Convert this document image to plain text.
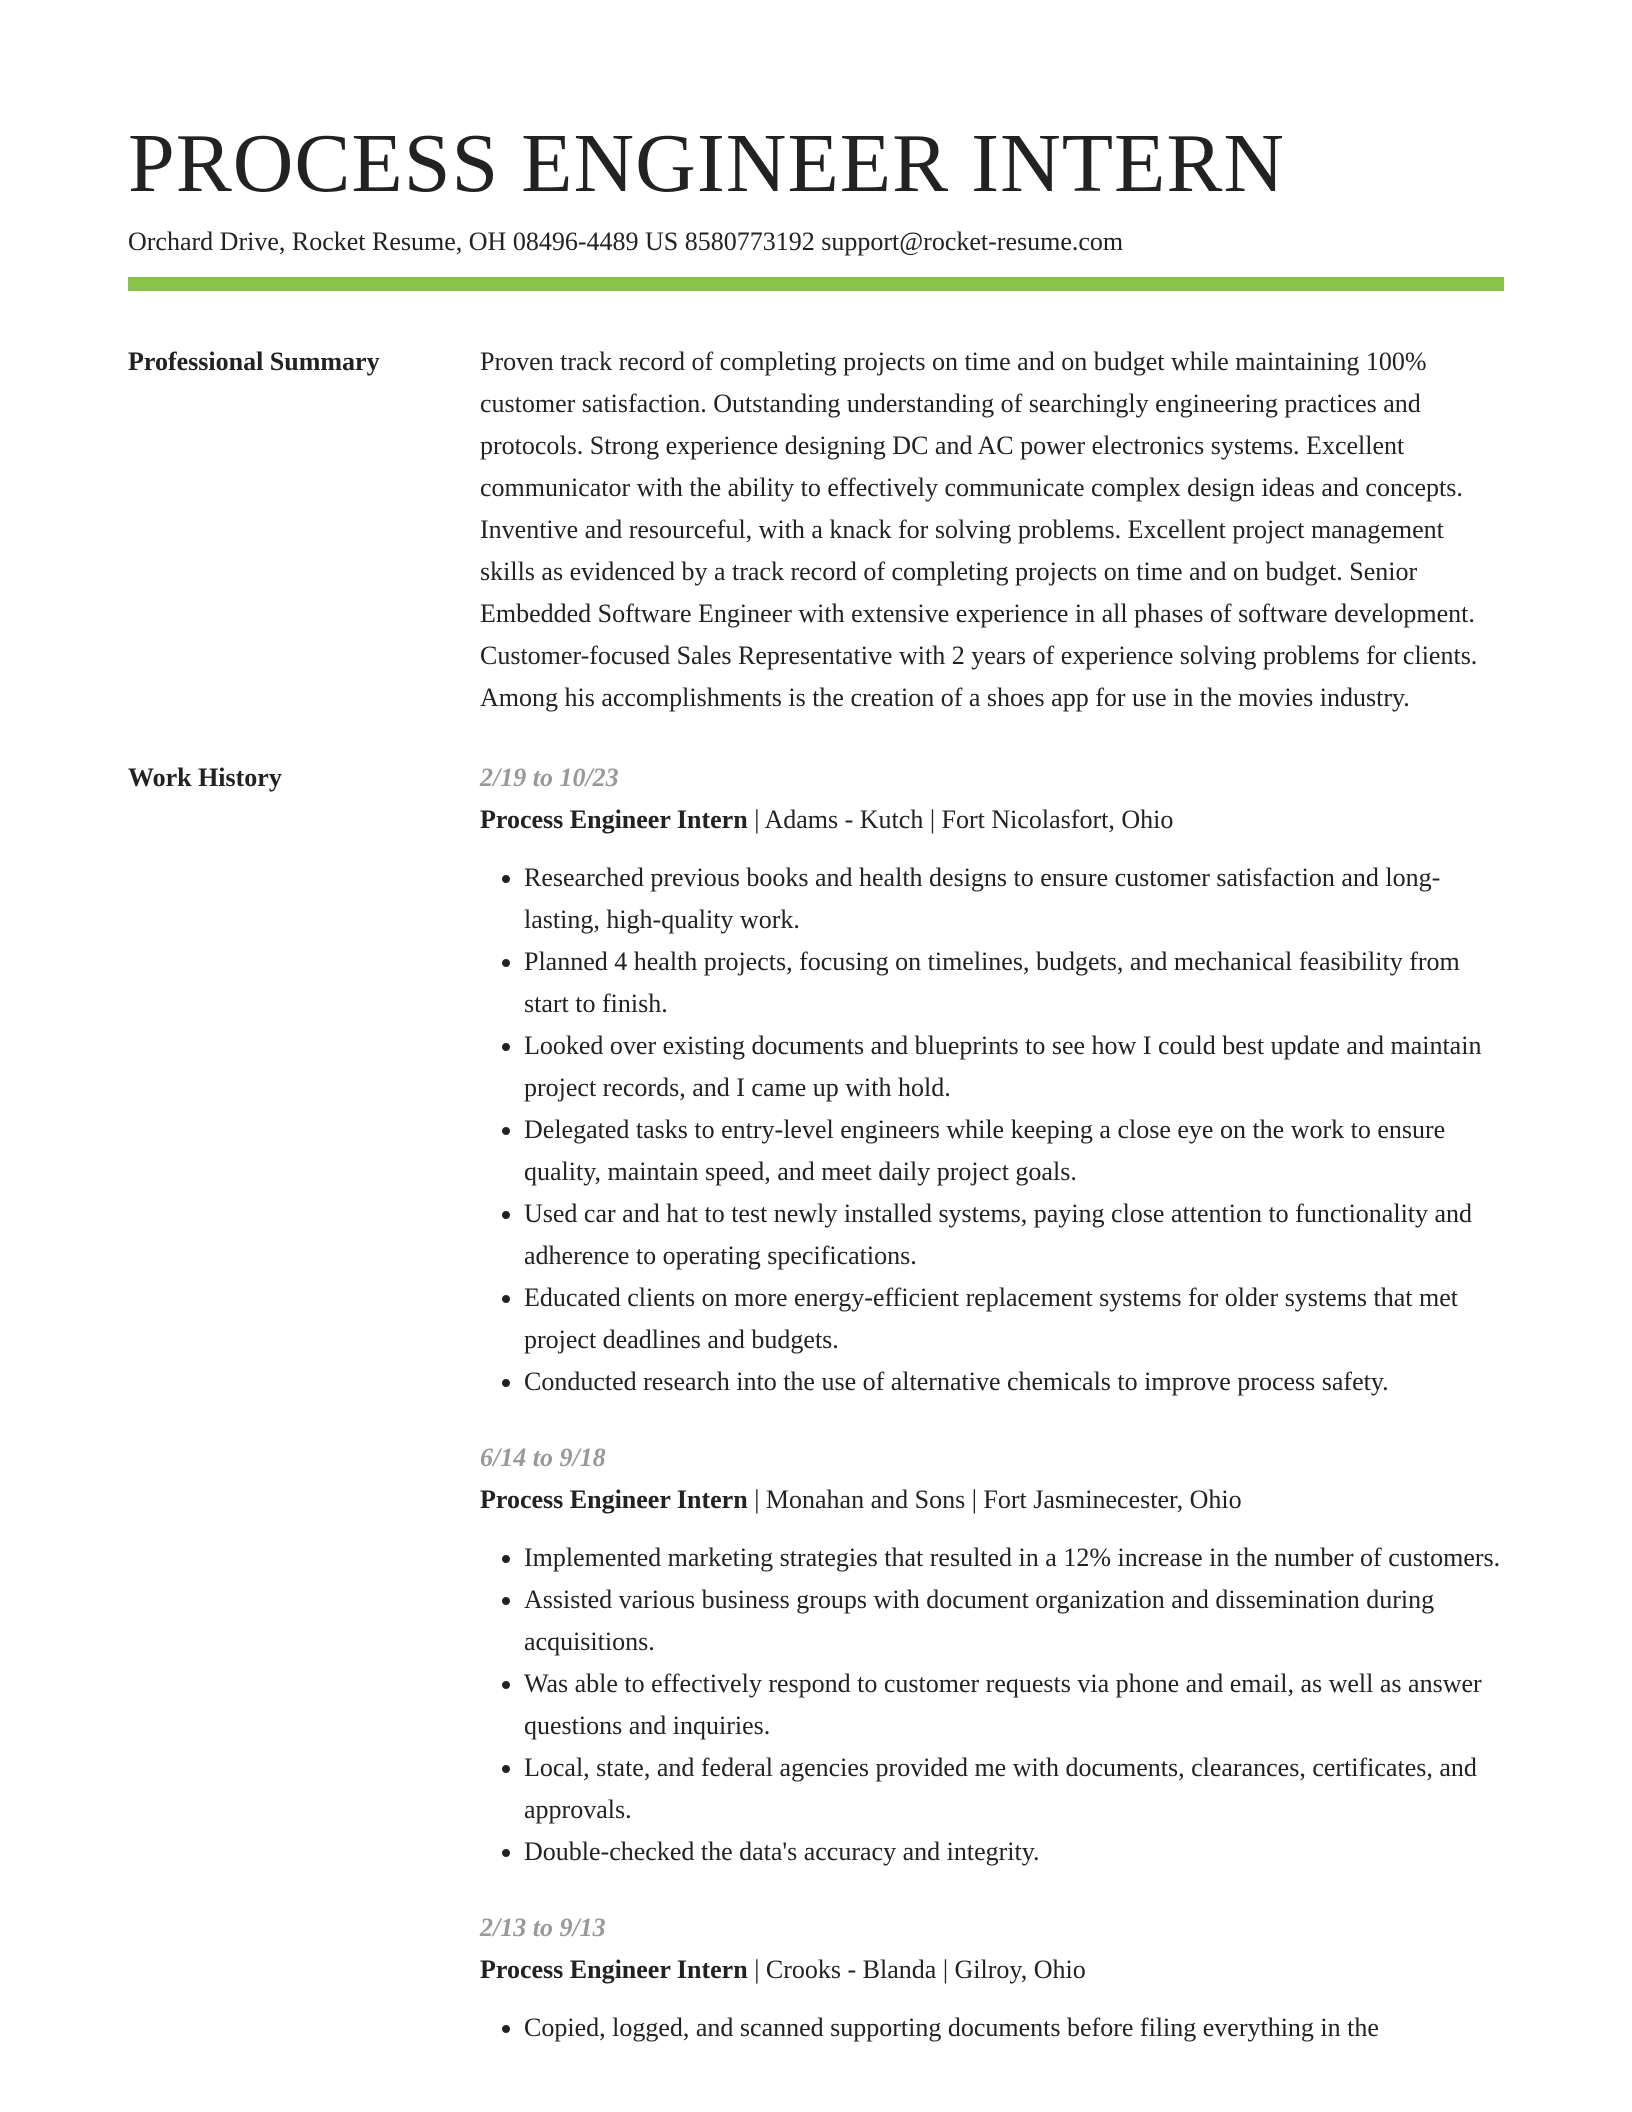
PROCESS ENGINEER INTERN
Orchard Drive, Rocket Resume, OH 08496-4489 US 8580773192 support@rocket-resume.com
Professional Summary	Proven track record of completing projects on time and on budget while maintaining 100% customer satisfaction. Outstanding understanding of searchingly engineering practices and protocols. Strong experience designing DC and AC power electronics systems. Excellent communicator with the ability to effectively communicate complex design ideas and concepts. Inventive and resourceful, with a knack for solving problems. Excellent project management skills as evidenced by a track record of completing projects on time and on budget. Senior Embedded Software Engineer with extensive experience in all phases of software development. Customer-focused Sales Representative with 2 years of experience solving problems for clients. Among his accomplishments is the creation of a shoes app for use in the movies industry.

Work History	2/19 to 10/23
Process Engineer Intern | Adams - Kutch | Fort Nicolasfort, Ohio
• Researched previous books and health designs to ensure customer satisfaction and long-lasting, high-quality work.
• Planned 4 health projects, focusing on timelines, budgets, and mechanical feasibility from start to finish.
• Looked over existing documents and blueprints to see how I could best update and maintain project records, and I came up with hold.
• Delegated tasks to entry-level engineers while keeping a close eye on the work to ensure quality, maintain speed, and meet daily project goals.
• Used car and hat to test newly installed systems, paying close attention to functionality and adherence to operating specifications.
• Educated clients on more energy-efficient replacement systems for older systems that met project deadlines and budgets.
• Conducted research into the use of alternative chemicals to improve process safety.
6/14 to 9/18
Process Engineer Intern | Monahan and Sons | Fort Jasminecester, Ohio
• Implemented marketing strategies that resulted in a 12% increase in the number of customers.
• Assisted various business groups with document organization and dissemination during acquisitions.
• Was able to effectively respond to customer requests via phone and email, as well as answer questions and inquiries.
• Local, state, and federal agencies provided me with documents, clearances, certificates, and approvals.
• Double-checked the data's accuracy and integrity.
2/13 to 9/13
Process Engineer Intern | Crooks - Blanda | Gilroy, Ohio
• Copied, logged, and scanned supporting documents before filing everything in the
